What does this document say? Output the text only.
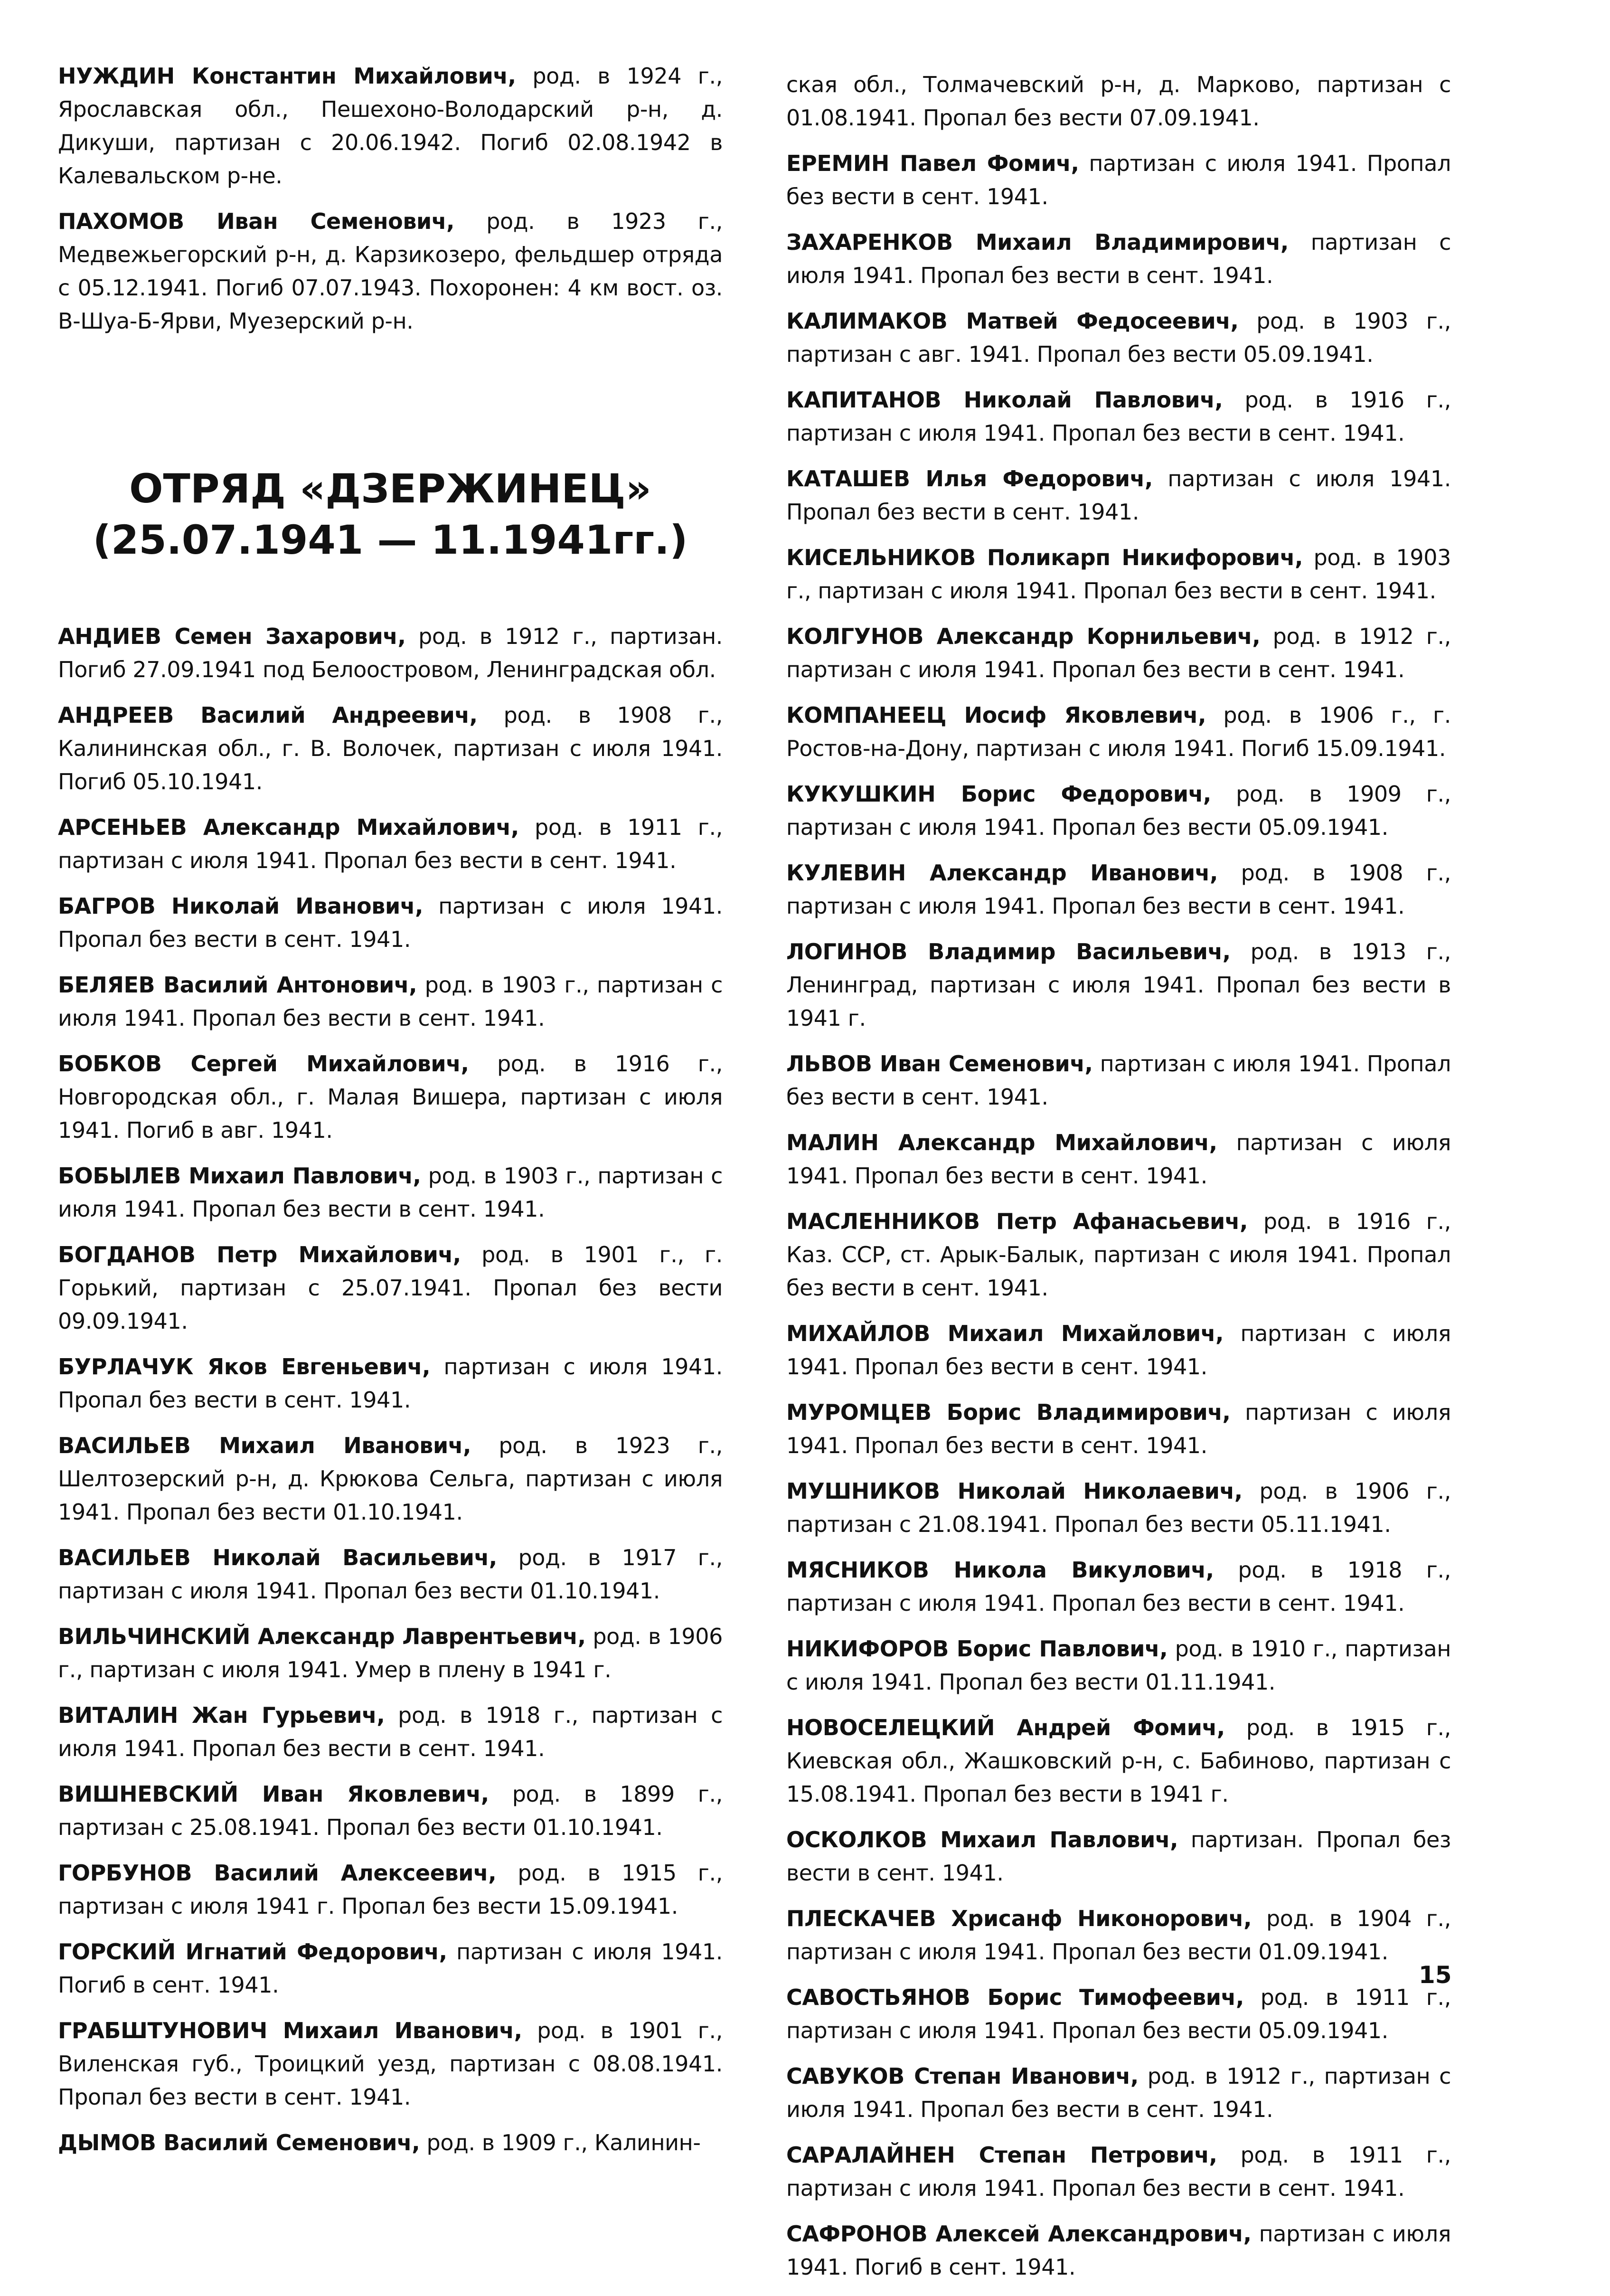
НУЖДИН Константин Михайлович, род. в 1924 г., Ярославская обл., Пешехоно-Володарский р-н, д. Дикуши, партизан с 20.06.1942. Погиб 02.08.1942 в Калевальском р-не.

ПАХОМОВ Иван Семенович, род. в 1923 г., Медвежьегорский р-н, д. Карзикозеро, фельдшер отряда с 05.12.1941. Погиб 07.07.1943. Похоронен: 4 км вост. оз. В-Шуа-Б-Ярви, Муезерский р-н.

ОТРЯД «ДЗЕРЖИНЕЦ»

(25.07.1941 — 11.1941гг.)

АНДИЕВ Семен Захарович, род. в 1912 г., партизан. Погиб 27.09.1941 под Белоостровом, Ленинградская обл.

АНДРЕЕВ Василий Андреевич, род. в 1908 г., Калининская обл., г. В. Волочек, партизан с июля 1941. Погиб 05.10.1941.

АРСЕНЬЕВ Александр Михайлович, род. в 1911 г., партизан с июля 1941. Пропал без вести в сент. 1941.

БАГРОВ Николай Иванович, партизан с июля 1941. Пропал без вести в сент. 1941.

БЕЛЯЕВ Василий Антонович, род. в 1903 г., партизан с июля 1941. Пропал без вести в сент. 1941.

БОБКОВ Сергей Михайлович, род. в 1916 г., Новгородская обл., г. Малая Вишера, партизан с июля 1941. Погиб в авг. 1941.

БОБЫЛЕВ Михаил Павлович, род. в 1903 г., партизан с июля 1941. Пропал без вести в сент. 1941.

БОГДАНОВ Петр Михайлович, род. в 1901 г., г. Горький, партизан с 25.07.1941. Пропал без вести 09.09.1941.

БУРЛАЧУК Яков Евгеньевич, партизан с июля 1941. Пропал без вести в сент. 1941.

ВАСИЛЬЕВ Михаил Иванович, род. в 1923 г., Шелтозерский р-н, д. Крюкова Сельга, партизан с июля 1941. Пропал без вести 01.10.1941.

ВАСИЛЬЕВ Николай Васильевич, род. в 1917 г., партизан с июля 1941. Пропал без вести 01.10.1941.

ВИЛЬЧИНСКИЙ Александр Лаврентьевич, род. в 1906 г., партизан с июля 1941. Умер в плену в 1941 г.

ВИТАЛИН Жан Гурьевич, род. в 1918 г., партизан с июля 1941. Пропал без вести в сент. 1941.

ВИШНЕВСКИЙ Иван Яковлевич, род. в 1899 г., партизан с 25.08.1941. Пропал без вести 01.10.1941.

ГОРБУНОВ Василий Алексеевич, род. в 1915 г., партизан с июля 1941 г. Пропал без вести 15.09.1941.

ГОРСКИЙ Игнатий Федорович, партизан с июля 1941. Погиб в сент. 1941.

ГРАБШТУНОВИЧ Михаил Иванович, род. в 1901 г., Виленская губ., Троицкий уезд, партизан с 08.08.1941. Пропал без вести в сент. 1941.

ДЫМОВ Василий Семенович, род. в 1909 г., Калинин-

ская обл., Толмачевский р-н, д. Марково, партизан с 01.08.1941. Пропал без вести 07.09.1941.

ЕРЕМИН Павел Фомич, партизан с июля 1941. Пропал без вести в сент. 1941.

ЗАХАРЕНКОВ Михаил Владимирович, партизан с июля 1941. Пропал без вести в сент. 1941.

КАЛИМАКОВ Матвей Федосеевич, род. в 1903 г., партизан с авг. 1941. Пропал без вести 05.09.1941.

КАПИТАНОВ Николай Павлович, род. в 1916 г., партизан с июля 1941. Пропал без вести в сент. 1941.

КАТАШЕВ Илья Федорович, партизан с июля 1941. Пропал без вести в сент. 1941.

КИСЕЛЬНИКОВ Поликарп Никифорович, род. в 1903 г., партизан с июля 1941. Пропал без вести в сент. 1941.

КОЛГУНОВ Александр Корнильевич, род. в 1912 г., партизан с июля 1941. Пропал без вести в сент. 1941.

КОМПАНЕЕЦ Иосиф Яковлевич, род. в 1906 г., г. Ростов-на-Дону, партизан с июля 1941. Погиб 15.09.1941.

КУКУШКИН Борис Федорович, род. в 1909 г., партизан с июля 1941. Пропал без вести 05.09.1941.

КУЛЕВИН Александр Иванович, род. в 1908 г., партизан с июля 1941. Пропал без вести в сент. 1941.

ЛОГИНОВ Владимир Васильевич, род. в 1913 г., Ленинград, партизан с июля 1941. Пропал без вести в 1941 г.

ЛЬВОВ Иван Семенович, партизан с июля 1941. Пропал без вести в сент. 1941.

МАЛИН Александр Михайлович, партизан с июля 1941. Пропал без вести в сент. 1941.

МАСЛЕННИКОВ Петр Афанасьевич, род. в 1916 г., Каз. ССР, ст. Арык-Балык, партизан с июля 1941. Пропал без вести в сент. 1941.

МИХАЙЛОВ Михаил Михайлович, партизан с июля 1941. Пропал без вести в сент. 1941.

МУРОМЦЕВ Борис Владимирович, партизан с июля 1941. Пропал без вести в сент. 1941.

МУШНИКОВ Николай Николаевич, род. в 1906 г., партизан с 21.08.1941. Пропал без вести 05.11.1941.

МЯСНИКОВ Никола Викулович, род. в 1918 г., партизан с июля 1941. Пропал без вести в сент. 1941.

НИКИФОРОВ Борис Павлович, род. в 1910 г., партизан с июля 1941. Пропал без вести 01.11.1941.

НОВОСЕЛЕЦКИЙ Андрей Фомич, род. в 1915 г., Киевская обл., Жашковский р-н, с. Бабиново, партизан с 15.08.1941. Пропал без вести в 1941 г.

ОСКОЛКОВ Михаил Павлович, партизан. Пропал без вести в сент. 1941.

ПЛЕСКАЧЕВ Хрисанф Никонорович, род. в 1904 г., партизан с июля 1941. Пропал без вести 01.09.1941.

САВОСТЬЯНОВ Борис Тимофеевич, род. в 1911 г., партизан с июля 1941. Пропал без вести 05.09.1941.

САВУКОВ Степан Иванович, род. в 1912 г., партизан с июля 1941. Пропал без вести в сент. 1941.

САРАЛАЙНЕН Степан Петрович, род. в 1911 г., партизан с июля 1941. Пропал без вести в сент. 1941.

САФРОНОВ Алексей Александрович, партизан с июля 1941. Погиб в сент. 1941.

15
